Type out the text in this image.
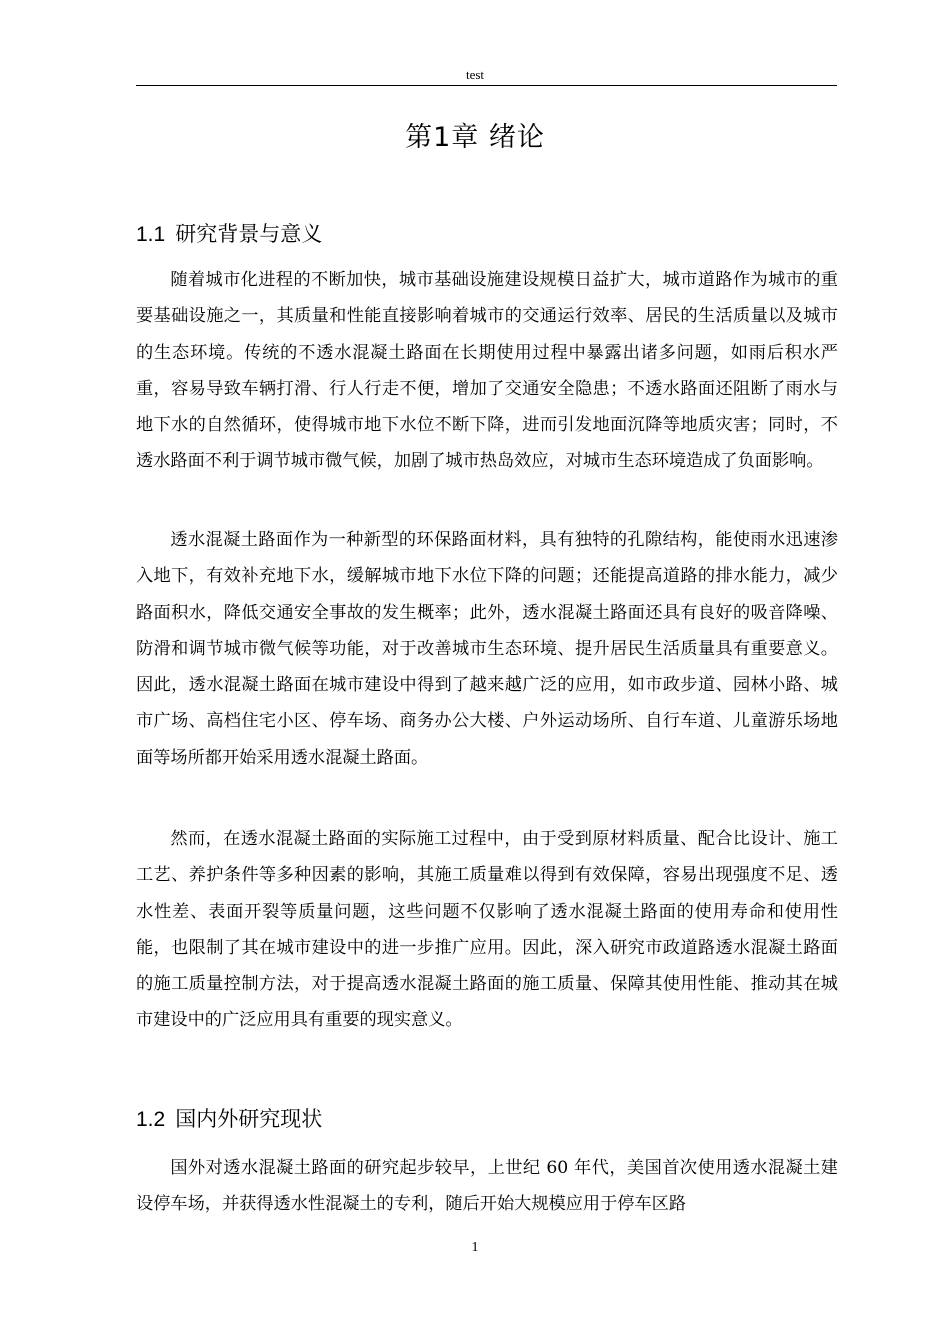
test
第1章 绪论
1.1 研究背景与意义

随着城市化进程的不断加快，城市基础设施建设规模日益扩大，城市道路作为城市的重要基础设施之一，其质量和性能直接影响着城市的交通运行效率、居民的生活质量以及城市的生态环境。传统的不透水混凝土路面在长期使用过程中暴露出诸多问题，如雨后积水严重，容易导致车辆打滑、行人行走不便，增加了交通安全隐患；不透水路面还阻断了雨水与地下水的自然循环，使得城市地下水位不断下降，进而引发地面沉降等地质灾害；同时，不透水路面不利于调节城市微气候，加剧了城市热岛效应，对城市生态环境造成了负面影响。

透水混凝土路面作为一种新型的环保路面材料，具有独特的孔隙结构，能使雨水迅速渗入地下，有效补充地下水，缓解城市地下水位下降的问题；还能提高道路的排水能力，减少路面积水，降低交通安全事故的发生概率；此外，透水混凝土路面还具有良好的吸音降噪、防滑和调节城市微气候等功能，对于改善城市生态环境、提升居民生活质量具有重要意义。因此，透水混凝土路面在城市建设中得到了越来越广泛的应用，如市政步道、园林小路、城市广场、高档住宅小区、停车场、商务办公大楼、户外运动场所、自行车道、儿童游乐场地面等场所都开始采用透水混凝土路面。

然而，在透水混凝土路面的实际施工过程中，由于受到原材料质量、配合比设计、施工工艺、养护条件等多种因素的影响，其施工质量难以得到有效保障，容易出现强度不足、透水性差、表面开裂等质量问题，这些问题不仅影响了透水混凝土路面的使用寿命和使用性能，也限制了其在城市建设中的进一步推广应用。因此，深入研究市政道路透水混凝土路面的施工质量控制方法，对于提高透水混凝土路面的施工质量、保障其使用性能、推动其在城市建设中的广泛应用具有重要的现实意义。

1.2 国内外研究现状

国外对透水混凝土路面的研究起步较早，上世纪 60 年代，美国首次使用透水混凝土建设停车场，并获得透水性混凝土的专利，随后开始大规模应用于停车区路

1
